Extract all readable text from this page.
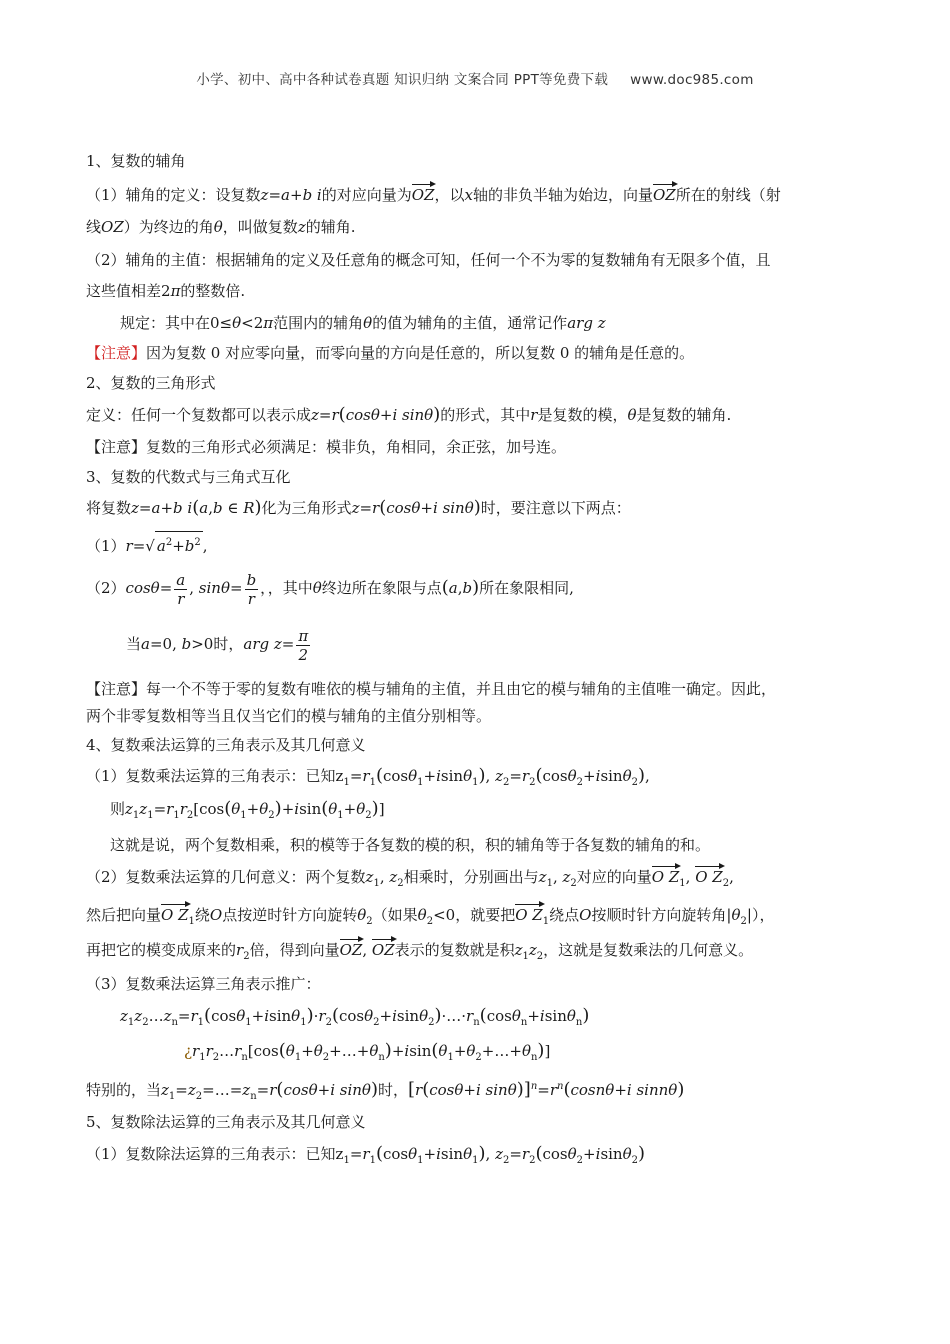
小学、初中、高中各种试卷真题 知识归纳 文案合同 PPT等免费下载 www.doc985.com
1、复数的辅角
（1）辅角的定义：设复数z=a+b i的对应向量为OZ，以x轴的非负半轴为始边，向量OZ所在的射线（射
线OZ）为终边的角θ，叫做复数z的辅角.
（2）辅角的主值：根据辅角的定义及任意角的概念可知，任何一个不为零的复数辅角有无限多个值，且
这些值相差2π的整数倍.
规定：其中在0≤θ<2π范围内的辅角θ的值为辅角的主值，通常记作arg z
【注意】因为复数 0 对应零向量，而零向量的方向是任意的，所以复数 0 的辅角是任意的。
2、复数的三角形式
定义：任何一个复数都可以表示成z=r(cosθ+i sinθ)的形式，其中r是复数的模，θ是复数的辅角.
【注意】复数的三角形式必须满足：模非负，角相同，余正弦，加号连。
3、复数的代数式与三角式互化
将复数z=a+b i(a,b ∈ R)化为三角形式z=r(cosθ+i sinθ)时，要注意以下两点：
（1）r=√ $a^2+b^2$ ,
$(2)\cos\theta= \frac{a}{r}$ , $\sin\theta= \frac{b}{r}$ ，，其中θ终边所在象限与点(a,b)所在象限相同,
当a=0, b>0时，arg $z= \frac{\pi}{2}$
【注意】每一个不等于零的复数有唯依的模与辅角的主值，并且由它的模与辅角的主值唯一确定。因此，
两个非零复数相等当且仅当它们的模与辅角的主值分别相等。
4、复数乘法运算的三角表示及其几何意义
（1）复数乘法运算的三角表示：已知$z_1=r_1(\cos\theta_1+isin\theta_1)$, $z_2=r_2(\cos\theta_2+isin\theta_2)$,
则$z_1z_1=r_1r_2[\cos(\theta_1+\theta_2)+isin(\theta_1+\theta_2)]$
这就是说，两个复数相乘，积的模等于各复数的模的积，积的辅角等于各复数的辅角的和。
（2）复数乘法运算的几何意义：两个复数$z_1$, $z_2$相乘时，分别画出与$z_1$, $z_2$对应的向量O $Z_1$, O $Z_2$,
然后把向量O $Z_1$绕O点按逆时针方向旋转$\theta_2$（如果$\theta_2<0$，就要把O $Z_1$绕点O按顺时针方向旋转角$|\theta_2|$），
再把它的模变成原来的$r_2$倍，得到向量OZ, OZ表示的复数就是积$z_1z_2$，这就是复数乘法的几何意义。
（3）复数乘法运算三角表示推广：
$z_1z_2\dots z_n=r_1(\cos\theta_1+isin\theta_1)\cdot r_2(\cos\theta_2+isin\theta_2)\cdot\dots\cdot r_n(\cos\theta_n+isin\theta_n)$
¿$r_1r_2\dots r_n[\cos(\theta_1+\theta_2+\dots+\theta_n)+isin(\theta_1+\theta_2+\dots+\theta_n)]$
特别的，当$z_1=z_2=\dots=z_n=r(\cos\theta+i$ sinθ)时，[r(cosθ+i $\sin\theta)]^n=r^n(\cos n\theta+i$ sinnθ)
5、复数除法运算的三角表示及其几何意义
（1）复数除法运算的三角表示：已知$z_1=r_1(\cos\theta_1+isin\theta_1)$, $z_2=r_2(\cos\theta_2+isin\theta_2)$
